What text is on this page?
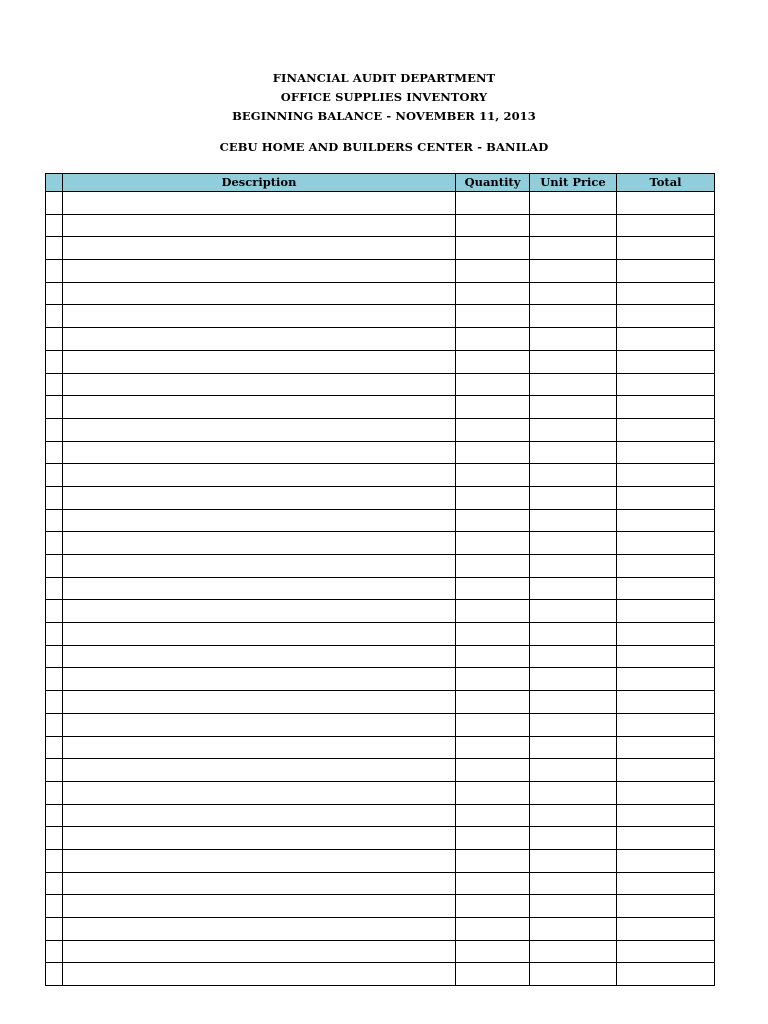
FINANCIAL AUDIT DEPARTMENT
OFFICE SUPPLIES INVENTORY
BEGINNING BALANCE - NOVEMBER 11, 2013
CEBU HOME AND BUILDERS CENTER - BANILAD
	Description	Quantity	Unit Price	Total
